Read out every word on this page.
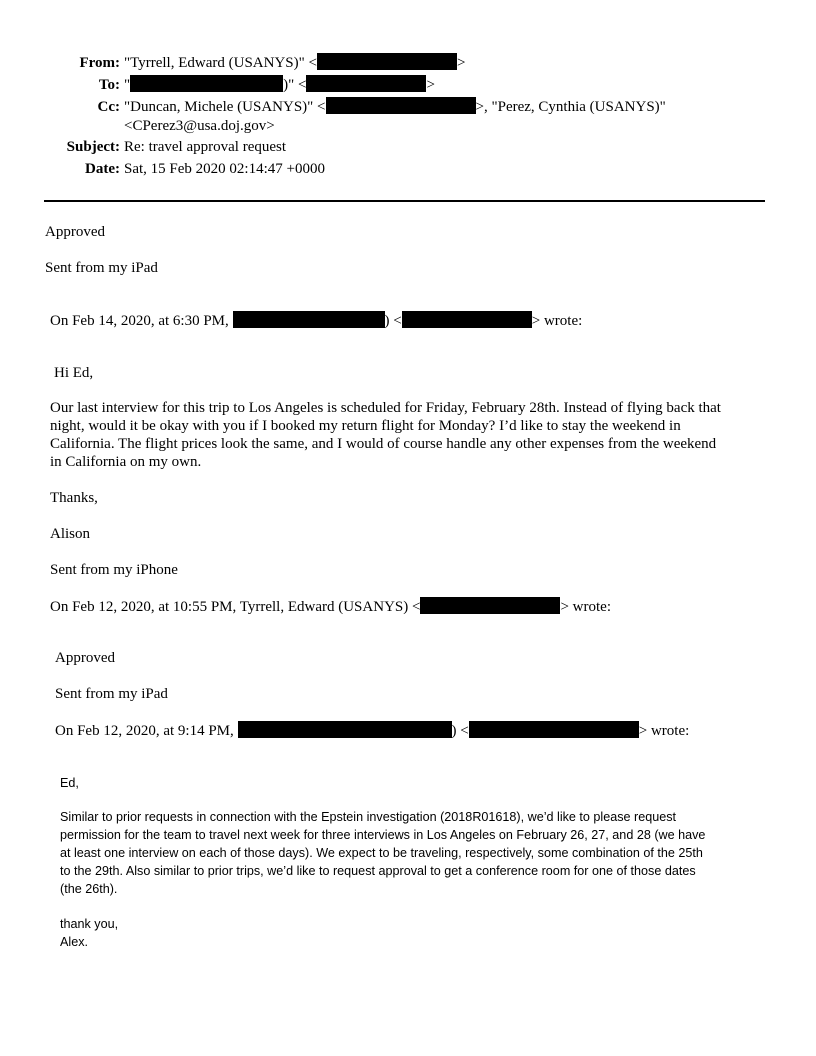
From: "Tyrrell, Edward (USANYS)" <	>
To: "	)" <	>
Cc: "Duncan, Michele (USANYS)" <	>, "Perez, Cynthia (USANYS)"
<CPerez3@usa.doj.gov>
Subject: Re: travel approval request
Date: Sat, 15 Feb 2020 02:14:47 +0000
Approved
Sent from my iPad
On Feb 14, 2020, at 6:30 PM,	) <	> wrote:
Hi Ed,
Our last interview for this trip to Los Angeles is scheduled for Friday, February 28th. Instead of flying back that
night, would it be okay with you if I booked my return flight for Monday? I’d like to stay the weekend in
California. The flight prices look the same, and I would of course handle any other expenses from the weekend
in California on my own.
Thanks,
Alison
Sent from my iPhone
On Feb 12, 2020, at 10:55 PM, Tyrrell, Edward (USANYS) <	> wrote:
Approved
Sent from my iPad
On Feb 12, 2020, at 9:14 PM,	) <	> wrote:
Ed,

Similar to prior requests in connection with the Epstein investigation (2018R01618), we’d like to please request

permission for the team to travel next week for three interviews in Los Angeles on February 26, 27, and 28 (we have

at least one interview on each of those days). We expect to be traveling, respectively, some combination of the 25th

to the 29th. Also similar to prior trips, we’d like to request approval to get a conference room for one of those dates

(the 26th).

thank you,
Alex.
